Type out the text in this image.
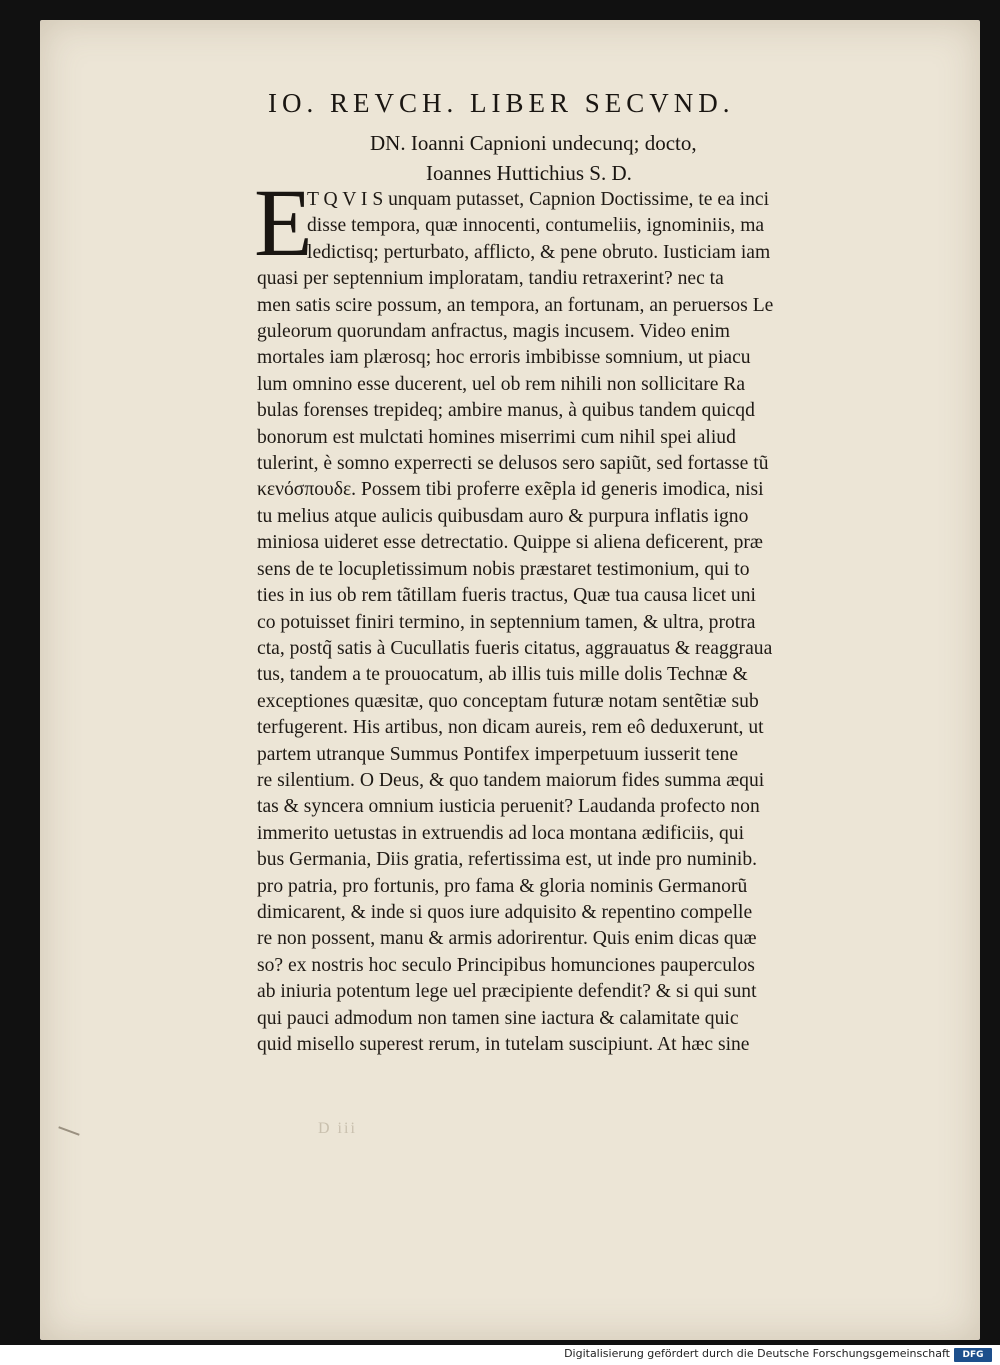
IO. REVCH. LIBER SECVND.
DN. Ioanni Capnioni undecunq; docto,
Ioannes Huttichius S. D.
E
T Q V I S unquam putasset, Capnion Doctissime, te ea inci
disse tempora, quæ innocenti, contumeliis, ignominiis, ma
ledictisq; perturbato, afflicto, & pene obruto. Iusticiam iam
quasi per septennium imploratam, tandiu retraxerint? nec ta
men satis scire possum, an tempora, an fortunam, an peruersos Le
guleorum quorundam anfractus, magis incusem. Video enim
mortales iam plærosq; hoc erroris imbibisse somnium, ut piacu
lum omnino esse ducerent, uel ob rem nihili non sollicitare Ra
bulas forenses trepideq; ambire manus, à quibus tandem quicqd
bonorum est mulctati homines miserrimi cum nihil spei aliud
tulerint, è somno experrecti se delusos sero sapiũt, sed fortasse tũ
κενόσπουδε. Possem tibi proferre exẽpla id generis imodica, nisi
tu melius atque aulicis quibusdam auro & purpura inflatis igno
miniosa uideret esse detrectatio. Quippe si aliena deficerent, præ
sens de te locupletissimum nobis præstaret testimonium, qui to
ties in ius ob rem tãtillam fueris tractus, Quæ tua causa licet uni
co potuisset finiri termino, in septennium tamen, & ultra, protra
cta, postq̃ satis à Cucullatis fueris citatus, aggrauatus & reaggraua
tus, tandem a te prouocatum, ab illis tuis mille dolis Technæ &
exceptiones quæsitæ, quo conceptam futuræ notam sentẽtiæ sub
terfugerent. His artibus, non dicam aureis, rem eô deduxerunt, ut
partem utranque Summus Pontifex imperpetuum iusserit tene
re silentium. O Deus, & quo tandem maiorum fides summa æqui
tas & syncera omnium iusticia peruenit? Laudanda profecto non
immerito uetustas in extruendis ad loca montana ædificiis, qui
bus Germania, Diis gratia, refertissima est, ut inde pro numinib.
pro patria, pro fortunis, pro fama & gloria nominis Germanorũ
dimicarent, & inde si quos iure adquisito & repentino compelle
re non possent, manu & armis adorirentur. Quis enim dicas quæ
so? ex nostris hoc seculo Principibus homunciones pauperculos
ab iniuria potentum lege uel præcipiente defendit? & si qui sunt
qui pauci admodum non tamen sine iactura & calamitate quic
quid misello superest rerum, in tutelam suscipiunt. At hæc sine
D iii
Digitalisierung gefördert durch die Deutsche Forschungsgemeinschaft	DFG
